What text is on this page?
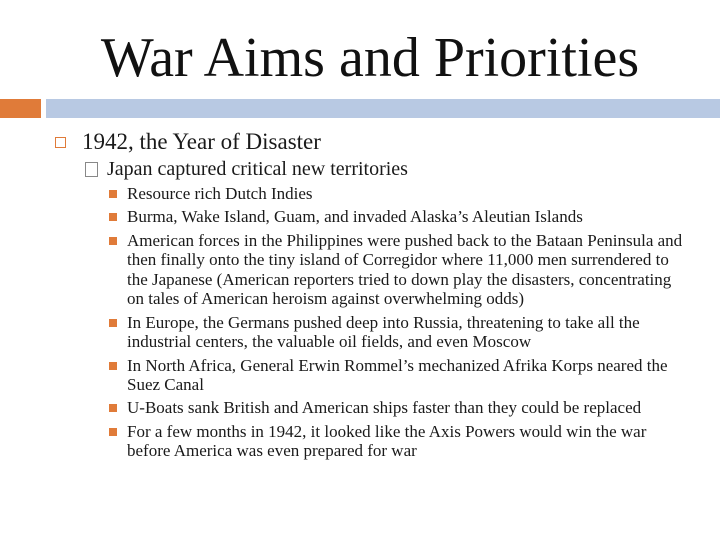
War Aims and Priorities
1942, the Year of Disaster
Japan captured critical new territories
Resource rich Dutch Indies
Burma, Wake Island, Guam, and invaded Alaska’s Aleutian Islands
American forces in the Philippines were pushed back to the Bataan Peninsula and then finally onto the tiny island of Corregidor where 11,000 men surrendered to the Japanese (American reporters tried to down play the disasters, concentrating on tales of American heroism against overwhelming odds)
In Europe, the Germans pushed deep into Russia, threatening to take all the industrial centers, the valuable oil fields, and even Moscow
In North Africa, General Erwin Rommel’s mechanized Afrika Korps neared the Suez Canal
U-Boats sank British and American ships faster than they could be replaced
For a few months in 1942, it looked like the Axis Powers would win the war before America was even prepared for war
